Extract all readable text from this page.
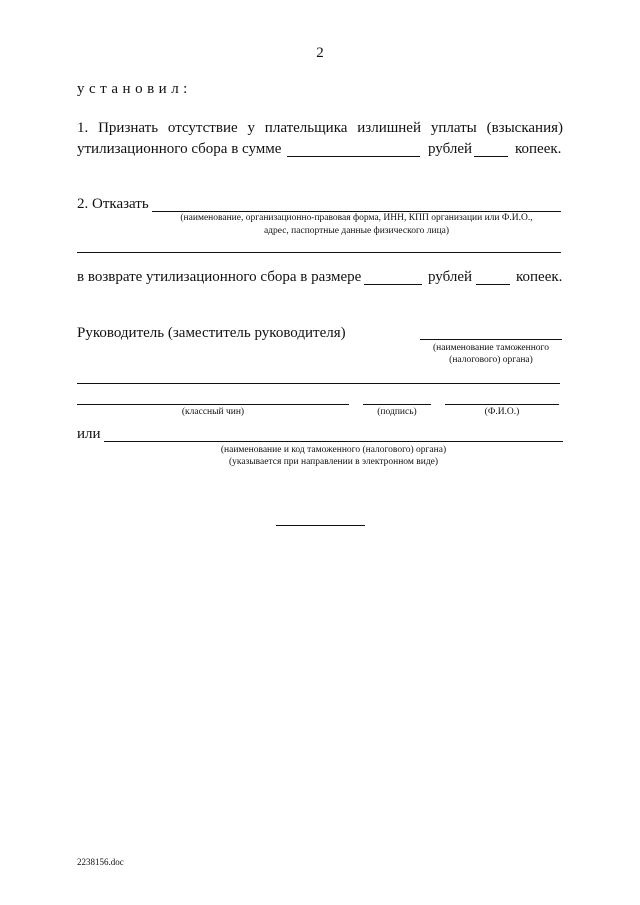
2
установил:
1. Признать отсутствие у плательщика излишней уплаты (взыскания)
утилизационного сбора в сумме	рублей	копеек.
2. Отказать
(наименование, организационно-правовая форма, ИНН, КПП организации или Ф.И.О.,
адрес, паспортные данные физического лица)
в возврате утилизационного сбора в размере	рублей	копеек.
Руководитель (заместитель руководителя)
(наименование таможенного
(налогового) органа)
(классный чин)	(подпись)	(Ф.И.О.)
или
(наименование и код таможенного (налогового) органа)
(указывается при направлении в электронном виде)
2238156.doc
